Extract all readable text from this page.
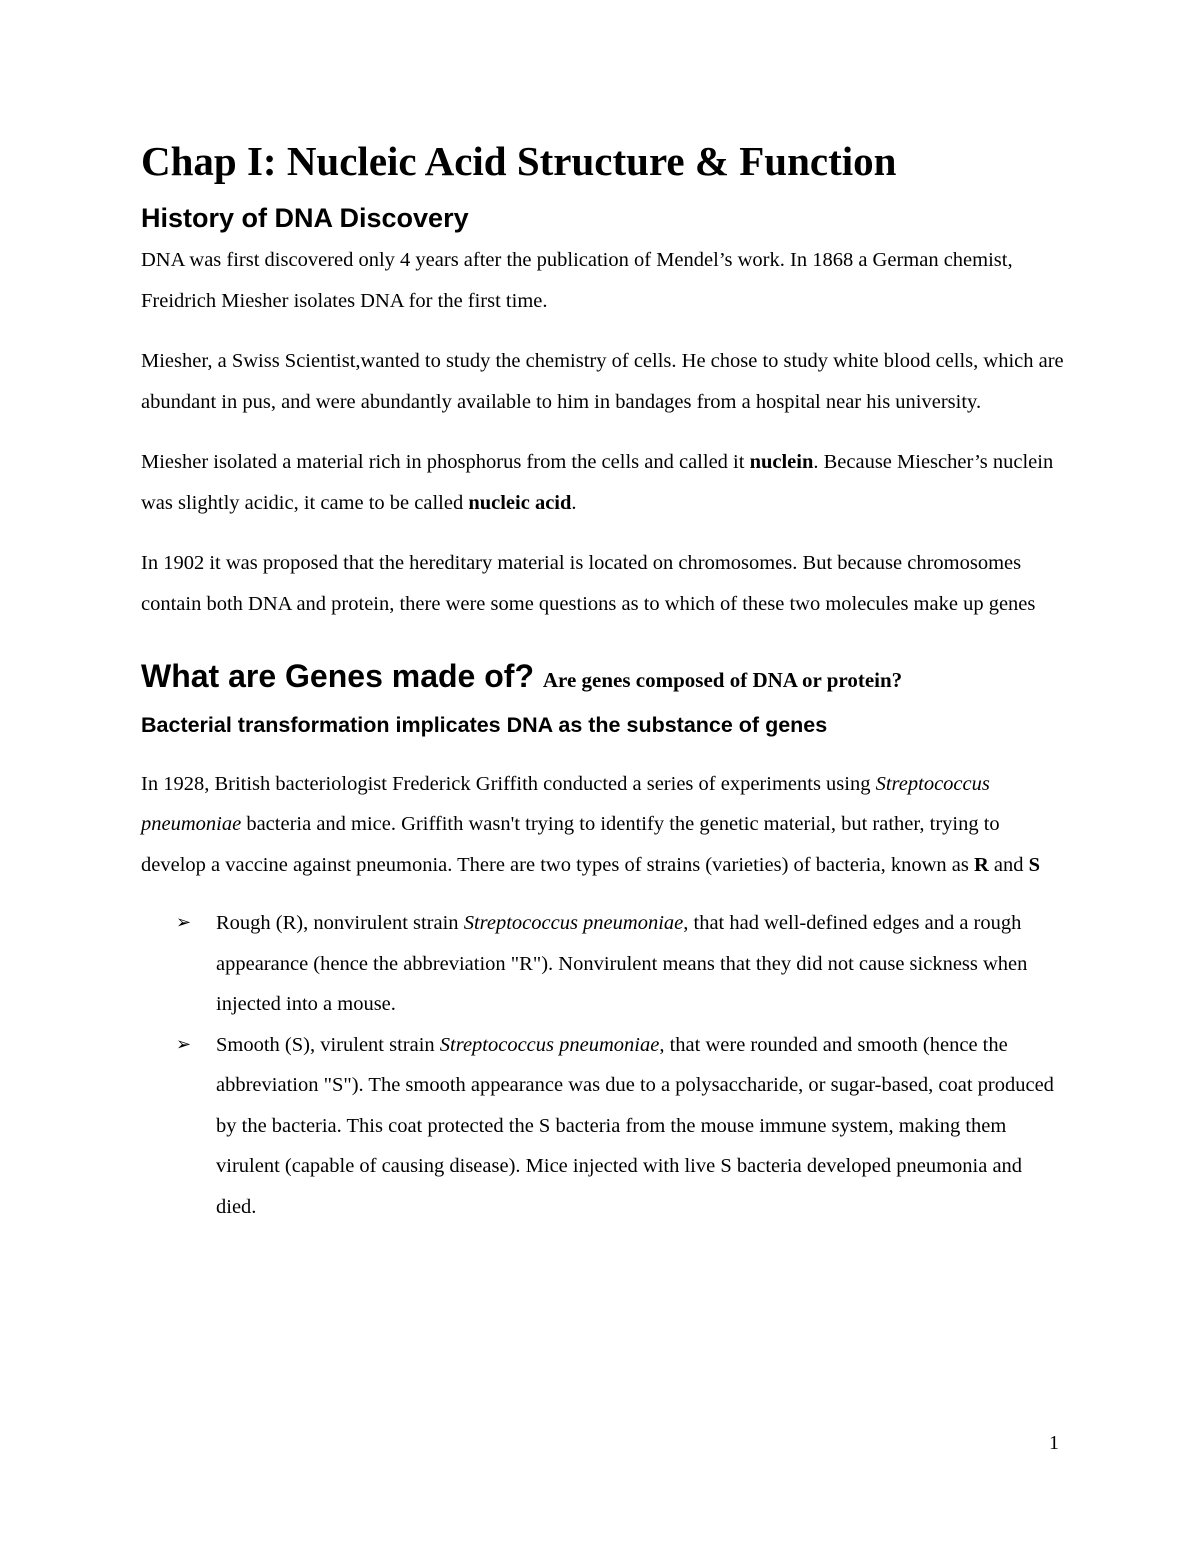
Chap I: Nucleic Acid Structure & Function
History of DNA Discovery

DNA was first discovered only 4 years after the publication of Mendel’s work. In 1868 a German chemist, Freidrich Miesher isolates DNA for the first time.

Miesher, a Swiss Scientist,wanted to study the chemistry of cells. He chose to study white blood cells, which are abundant in pus, and were abundantly available to him in bandages from a hospital near his university.

Miesher isolated a material rich in phosphorus from the cells and called it nuclein. Because Miescher’s nuclein was slightly acidic, it came to be called nucleic acid.

In 1902 it was proposed that the hereditary material is located on chromosomes. But because chromosomes contain both DNA and protein, there were some questions as to which of these two molecules make up genes

What are Genes made of? Are genes composed of DNA or protein?
Bacterial transformation implicates DNA as the substance of genes

In 1928, British bacteriologist Frederick Griffith conducted a series of experiments using Streptococcus pneumoniae bacteria and mice. Griffith wasn't trying to identify the genetic material, but rather, trying to develop a vaccine against pneumonia. There are two types of strains (varieties) of bacteria, known as R and S

➢ Rough (R), nonvirulent strain Streptococcus pneumoniae, that had well-defined edges and a rough appearance (hence the abbreviation "R"). Nonvirulent means that they did not cause sickness when injected into a mouse.
➢ Smooth (S), virulent strain Streptococcus pneumoniae, that were rounded and smooth (hence the abbreviation "S"). The smooth appearance was due to a polysaccharide, or sugar-based, coat produced by the bacteria. This coat protected the S bacteria from the mouse immune system, making them virulent (capable of causing disease). Mice injected with live S bacteria developed pneumonia and died.
1
